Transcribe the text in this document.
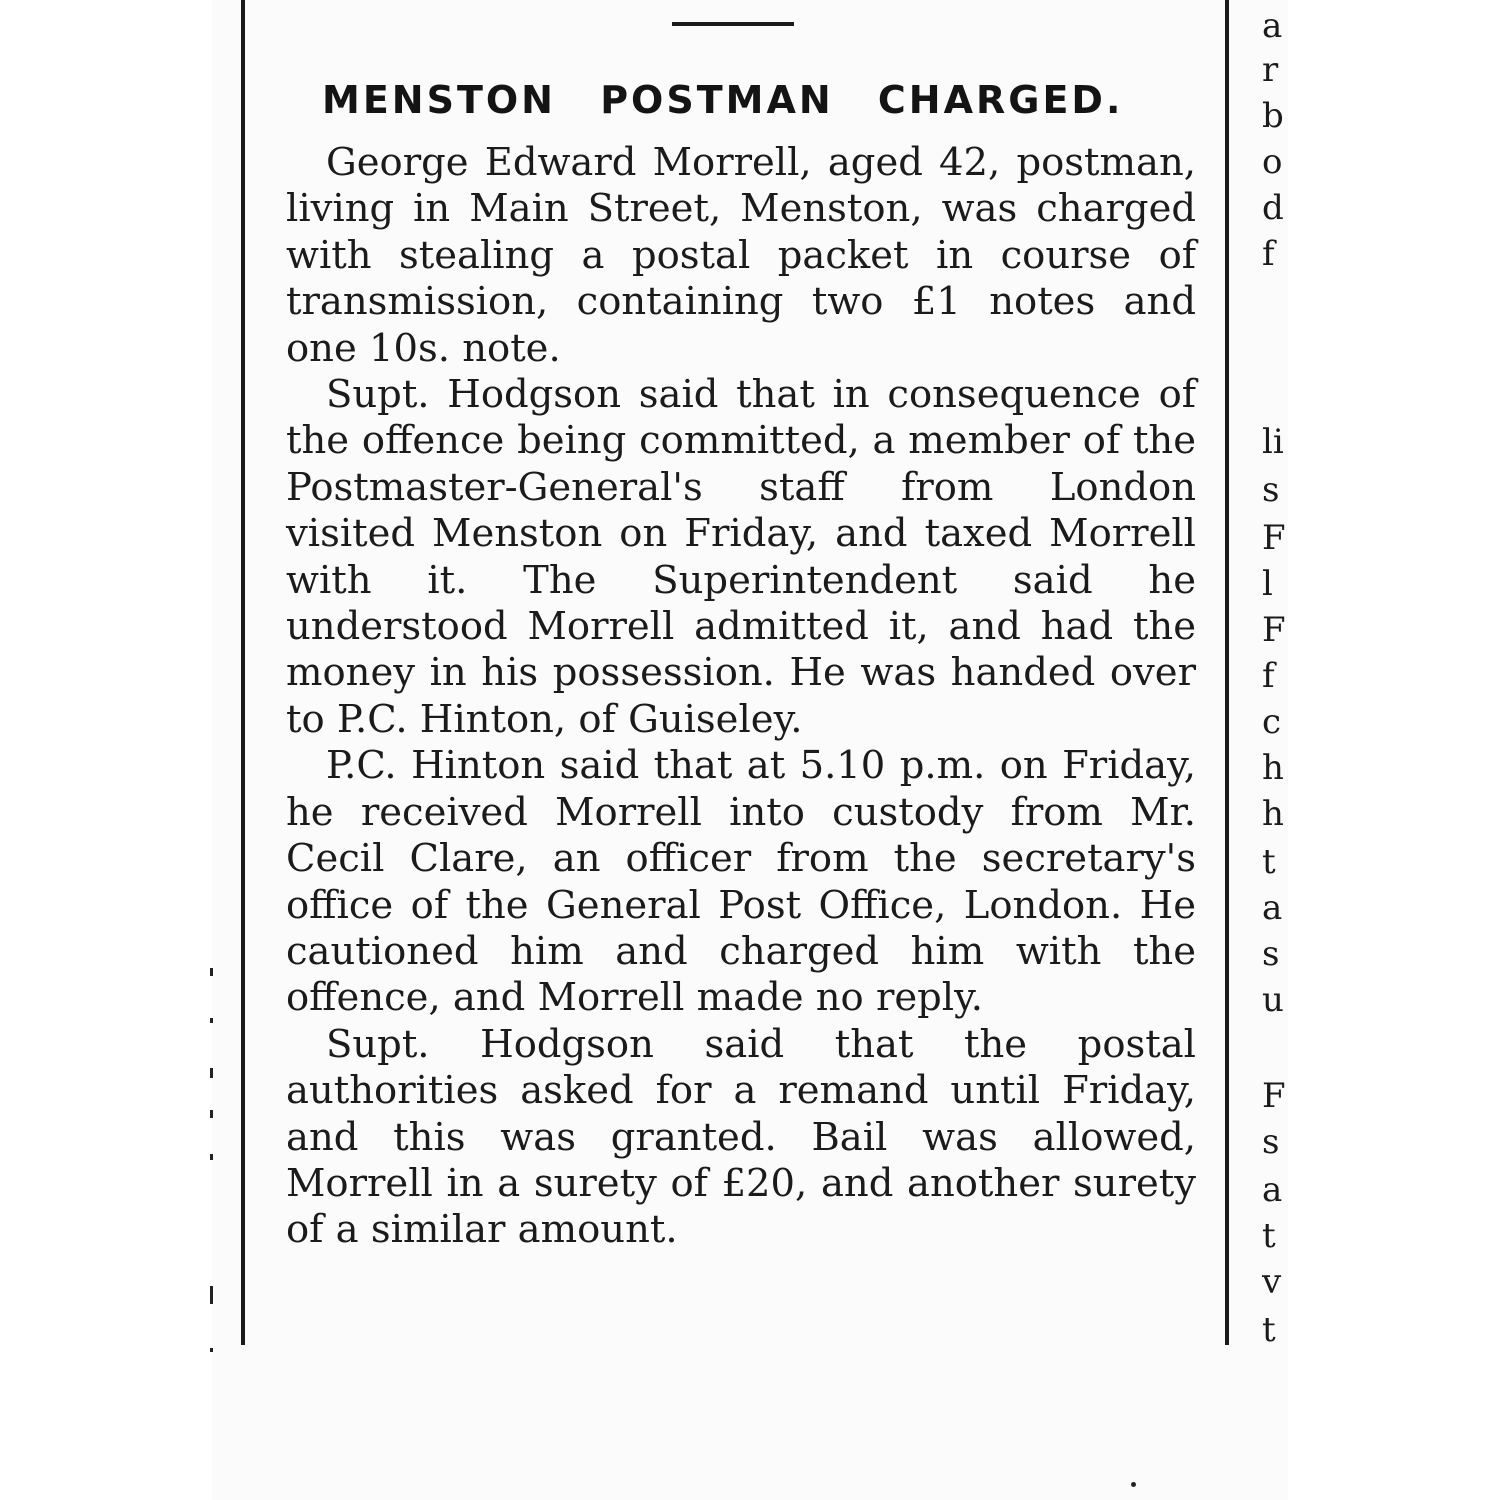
MENSTON POSTMAN CHARGED.

George Edward Morrell, aged 42, postman, living in Main Street, Menston, was charged with stealing a postal packet in course of transmission, containing two £1 notes and one 10s. note.

Supt. Hodgson said that in consequence of the offence being committed, a member of the Postmaster-General's staff from London visited Menston on Friday, and taxed Morrell with it. The Superintendent said he understood Morrell admitted it, and had the money in his possession. He was handed over to P.C. Hinton, of Guiseley.

P.C. Hinton said that at 5.10 p.m. on Friday, he received Morrell into custody from Mr. Cecil Clare, an officer from the secretary's office of the General Post Office, London. He cautioned him and charged him with the offence, and Morrell made no reply.

Supt. Hodgson said that the postal authorities asked for a remand until Friday, and this was granted. Bail was allowed, Morrell in a surety of £20, and another surety of a similar amount.

a
r
b
o
d
f
li
s
F
l
F
f
c
h
h
t
a
s
u
F
s
a
t
v
t
